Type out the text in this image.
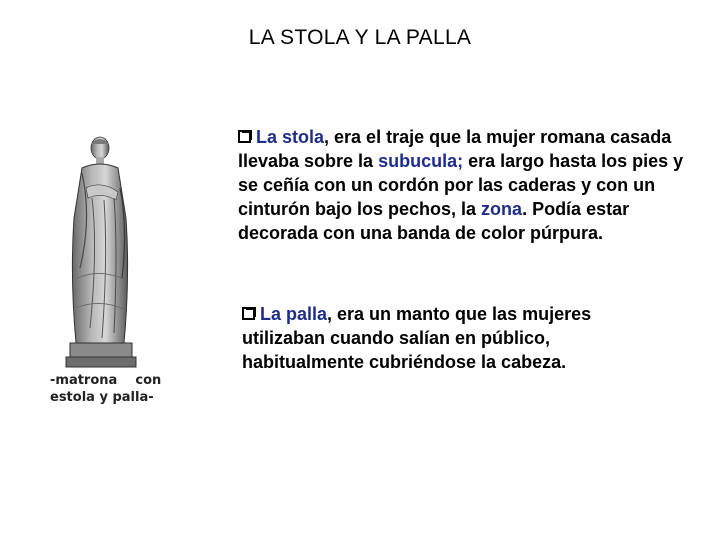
LA STOLA Y LA PALLA
-matrona    con
estola y palla-
La stola, era el traje que la mujer romana casada llevaba sobre la subucula; era largo hasta los pies y se ceñía con un cordón por las caderas y con un cinturón bajo los pechos, la zona. Podía estar decorada con una banda de color púrpura.
La palla, era un manto que las mujeres utilizaban cuando salían en público, habitualmente cubriéndose la cabeza.
